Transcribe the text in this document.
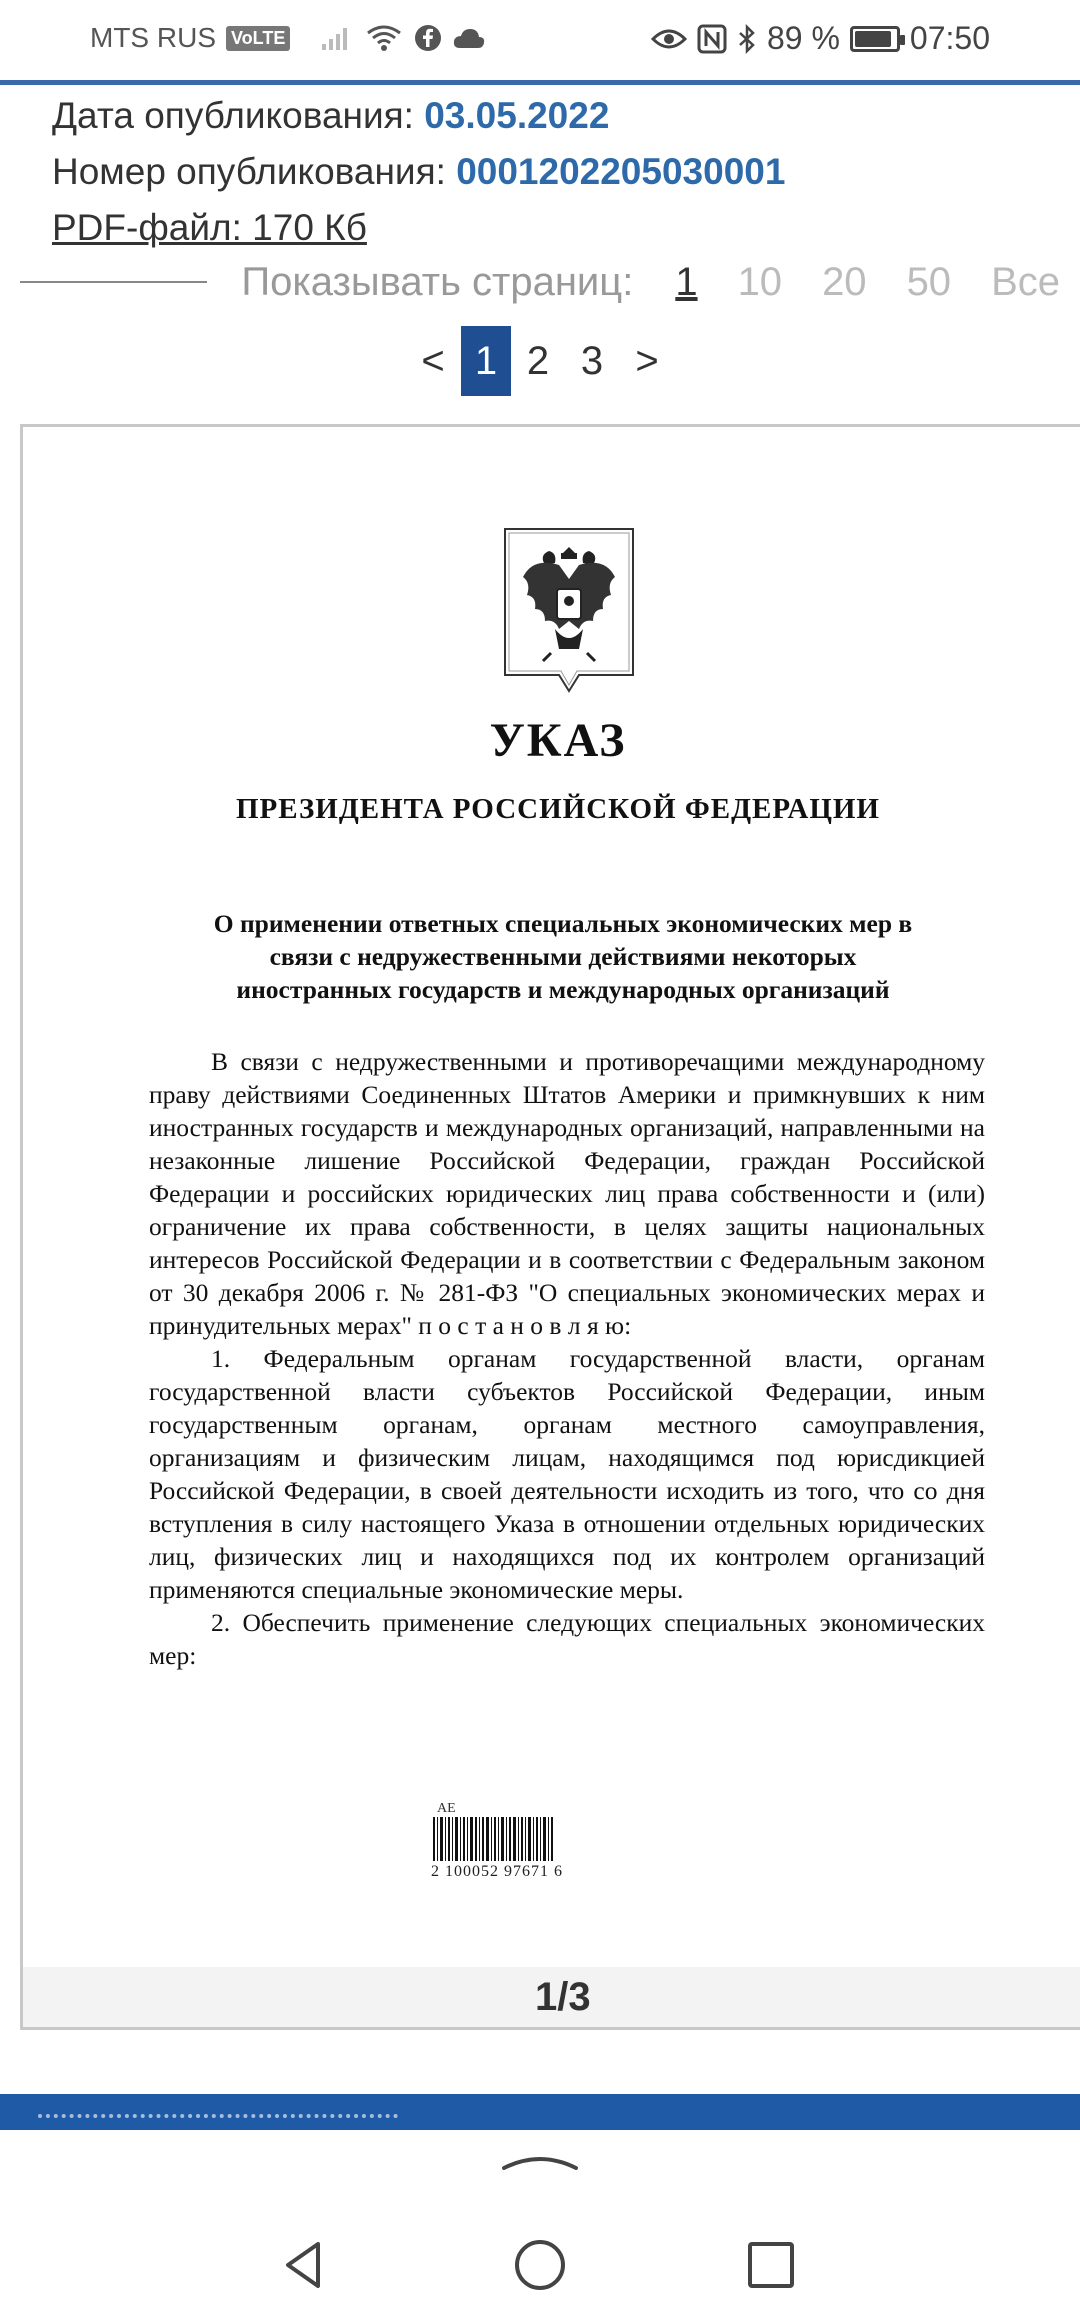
MTS RUS VoLTE	89 % 07:50
Дата опубликования: 03.05.2022
Номер опубликования: 0001202205030001
PDF-файл: 170 Кб
Показывать страниц: 1 10 20 50 Все
< 1 2 3 >
УКАЗ
ПРЕЗИДЕНТА РОССИЙСКОЙ ФЕДЕРАЦИИ
О применении ответных специальных экономических мер в связи с недружественными действиями некоторых иностранных государств и международных организаций

В связи с недружественными и противоречащими международному праву действиями Соединенных Штатов Америки и примкнувших к ним иностранных государств и международных организаций, направленными на незаконные лишение Российской Федерации, граждан Российской Федерации и российских юридических лиц права собственности и (или) ограничение их права собственности, в целях защиты национальных интересов Российской Федерации и в соответствии с Федеральным законом от 30 декабря 2006 г. № 281-ФЗ "О специальных экономических мерах и принудительных мерах" п о с т а н о в л я ю:

1. Федеральным органам государственной власти, органам государственной власти субъектов Российской Федерации, иным государственным органам, органам местного самоуправления, организациям и физическим лицам, находящимся под юрисдикцией Российской Федерации, в своей деятельности исходить из того, что со дня вступления в силу настоящего Указа в отношении отдельных юридических лиц, физических лиц и находящихся под их контролем организаций применяются специальные экономические меры.

2. Обеспечить применение следующих специальных экономических мер:

AE
2 100052 97671 6
1/3
